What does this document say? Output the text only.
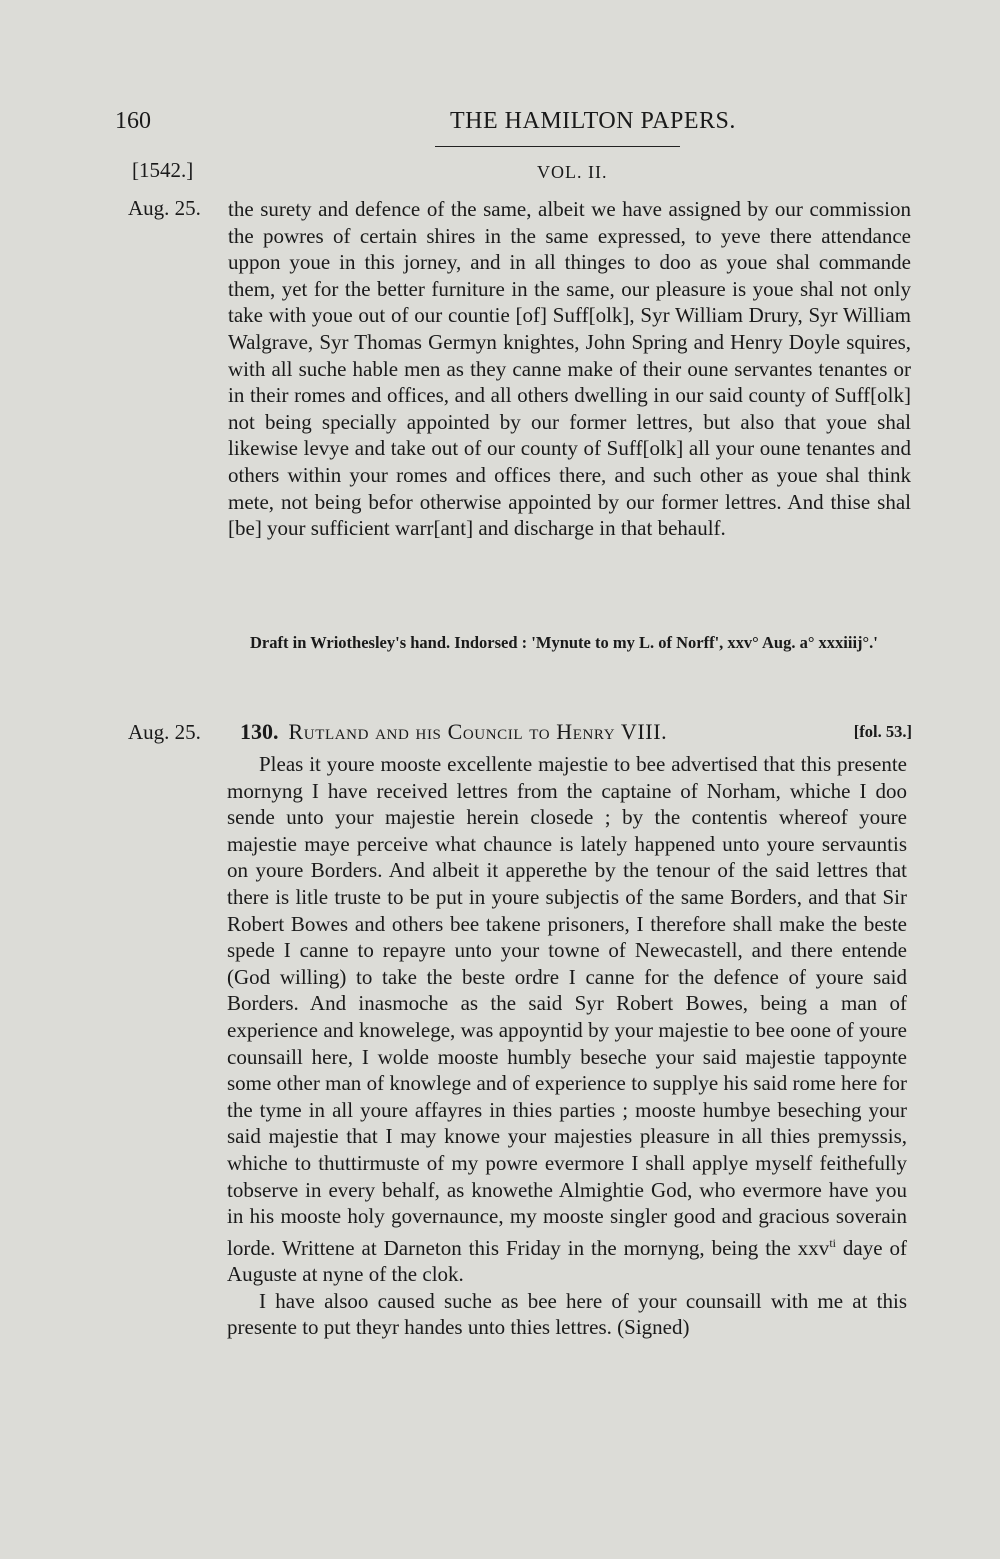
160	THE HAMILTON PAPERS.
[1542.]	VOL. II.
Aug. 25. the surety and defence of the same, albeit we have assigned by our commission the powres of certain shires in the same expressed, to yeve there attendance uppon youe in this jorney, and in all thinges to doo as youe shal commande them, yet for the better furniture in the same, our pleasure is youe shal not only take with youe out of our countie [of] Suff[olk], Syr William Drury, Syr William Walgrave, Syr Thomas Germyn knightes, John Spring and Henry Doyle squires, with all suche hable men as they canne make of their oune servantes tenantes or in their romes and offices, and all others dwelling in our said county of Suff[olk] not being specially appointed by our former lettres, but also that youe shal likewise levye and take out of our county of Suff[olk] all your oune tenantes and others within your romes and offices there, and such other as youe shal think mete, not being befor otherwise appointed by our former lettres. And thise shal [be] your sufficient warr[ant] and discharge in that behaulf.

Draft in Wriothesley's hand. Indorsed : 'Mynute to my L. of Norff', xxv° Aug. a° xxxiiij°.'
Aug. 25. 130. Rutland and his Council to Henry VIII.	[fol. 53.]

Pleas it youre mooste excellente majestie to bee advertised that this presente mornyng I have received lettres from the captaine of Norham, whiche I doo sende unto your majestie herein closede ; by the contentis whereof youre majestie maye perceive what chaunce is lately happened unto youre servauntis on youre Borders. And albeit it apperethe by the tenour of the said lettres that there is litle truste to be put in youre subjectis of the same Borders, and that Sir Robert Bowes and others bee takene prisoners, I therefore shall make the beste spede I canne to repayre unto your towne of Newecastell, and there entende (God willing) to take the beste ordre I canne for the defence of youre said Borders. And inasmoche as the said Syr Robert Bowes, being a man of experience and knowelege, was appoyntid by your majestie to bee oone of youre counsaill here, I wolde mooste humbly beseche your said majestie tappoynte some other man of knowlege and of experience to supplye his said rome here for the tyme in all youre affayres in thies parties ; mooste humbye beseching your said majestie that I may knowe your majesties pleasure in all thies premyssis, whiche to thuttirmuste of my powre evermore I shall applye myself feithefully tobserve in every behalf, as knowethe Almightie God, who evermore have you in his mooste holy governaunce, my mooste singler good and gracious soverain lorde. Writtene at Darneton this Friday in the mornyng, being the xxv$^{ti}$ daye of Auguste at nyne of the clok.

I have alsoo caused suche as bee here of your counsaill with me at this presente to put theyr handes unto thies lettres. (Signed)
